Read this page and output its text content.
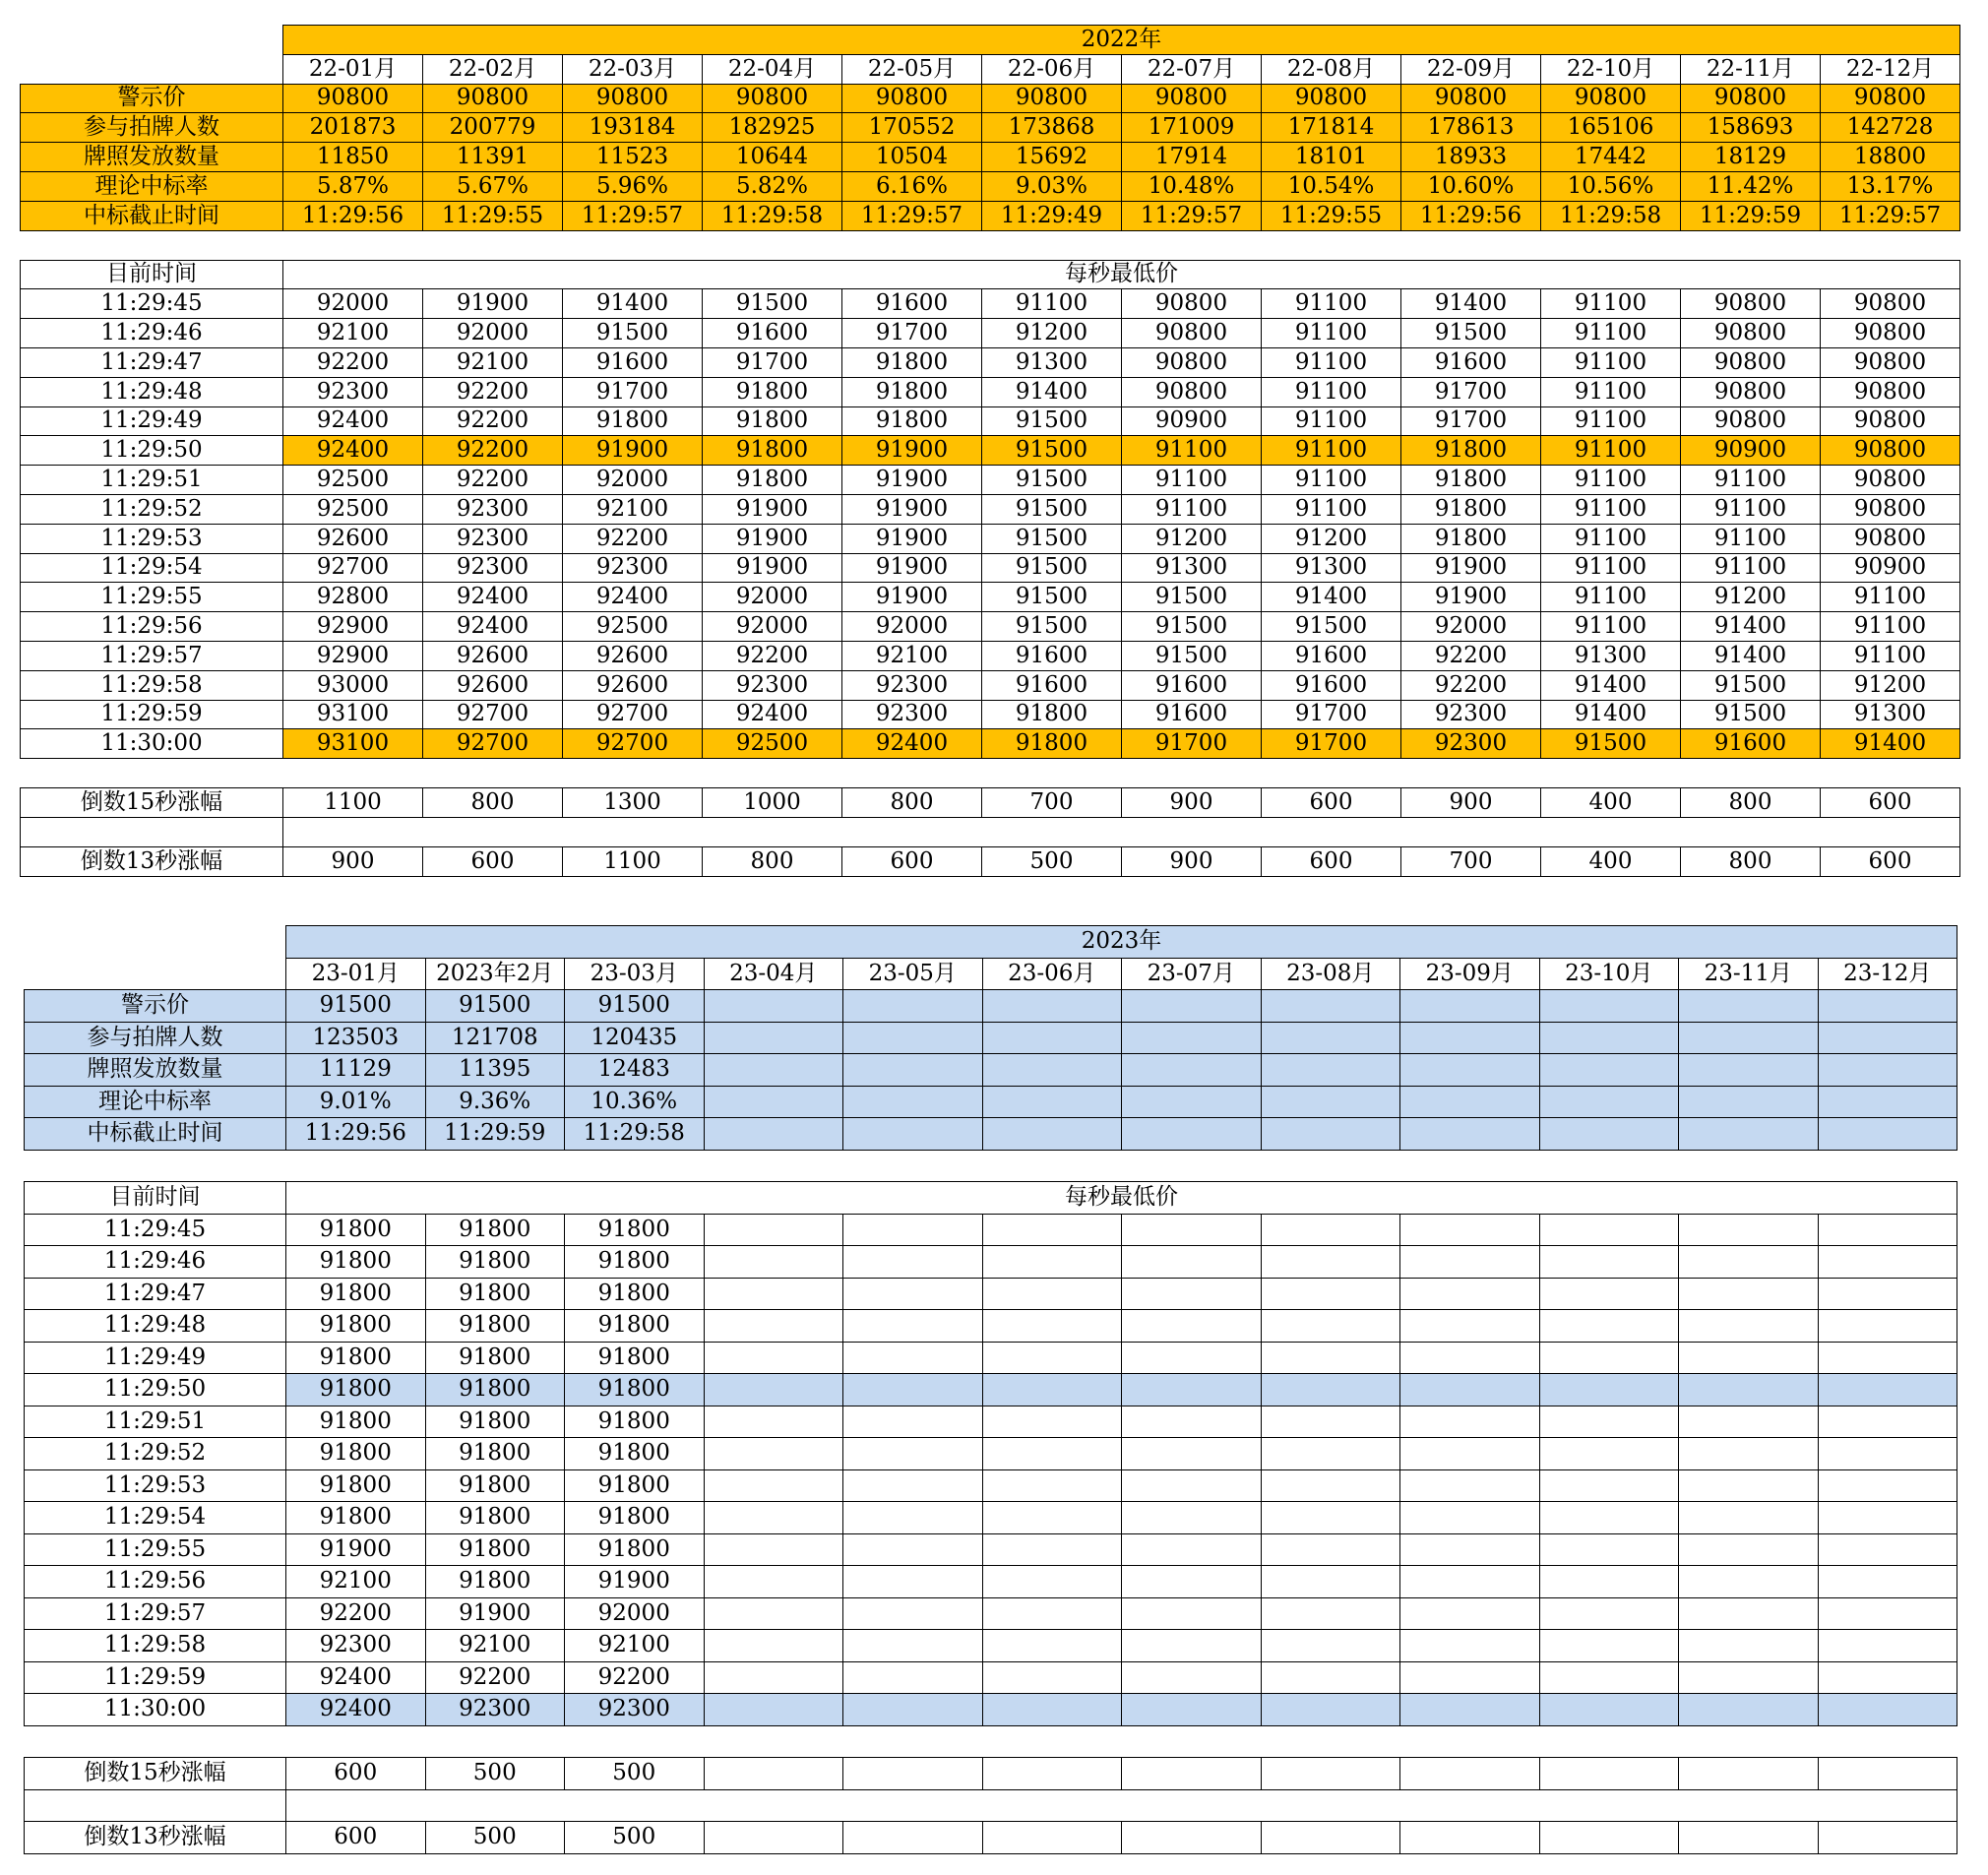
	2022年											
	22-01月	22-02月	22-03月	22-04月	22-05月	22-06月	22-07月	22-08月	22-09月	22-10月	22-11月	22-12月
警示价	90800	90800	90800	90800	90800	90800	90800	90800	90800	90800	90800	90800
参与拍牌人数	201873	200779	193184	182925	170552	173868	171009	171814	178613	165106	158693	142728
牌照发放数量	11850	11391	11523	10644	10504	15692	17914	18101	18933	17442	18129	18800
理论中标率	5.87%	5.67%	5.96%	5.82%	6.16%	9.03%	10.48%	10.54%	10.60%	10.56%	11.42%	13.17%
中标截止时间	11:29:56	11:29:55	11:29:57	11:29:58	11:29:57	11:29:49	11:29:57	11:29:55	11:29:56	11:29:58	11:29:59	11:29:57

目前时间	每秒最低价											
11:29:45	92000	91900	91400	91500	91600	91100	90800	91100	91400	91100	90800	90800
11:29:46	92100	92000	91500	91600	91700	91200	90800	91100	91500	91100	90800	90800
11:29:47	92200	92100	91600	91700	91800	91300	90800	91100	91600	91100	90800	90800
11:29:48	92300	92200	91700	91800	91800	91400	90800	91100	91700	91100	90800	90800
11:29:49	92400	92200	91800	91800	91800	91500	90900	91100	91700	91100	90800	90800
11:29:50	92400	92200	91900	91800	91900	91500	91100	91100	91800	91100	90900	90800
11:29:51	92500	92200	92000	91800	91900	91500	91100	91100	91800	91100	91100	90800
11:29:52	92500	92300	92100	91900	91900	91500	91100	91100	91800	91100	91100	90800
11:29:53	92600	92300	92200	91900	91900	91500	91200	91200	91800	91100	91100	90800
11:29:54	92700	92300	92300	91900	91900	91500	91300	91300	91900	91100	91100	90900
11:29:55	92800	92400	92400	92000	91900	91500	91500	91400	91900	91100	91200	91100
11:29:56	92900	92400	92500	92000	92000	91500	91500	91500	92000	91100	91400	91100
11:29:57	92900	92600	92600	92200	92100	91600	91500	91600	92200	91300	91400	91100
11:29:58	93000	92600	92600	92300	92300	91600	91600	91600	92200	91400	91500	91200
11:29:59	93100	92700	92700	92400	92300	91800	91600	91700	92300	91400	91500	91300
11:30:00	93100	92700	92700	92500	92400	91800	91700	91700	92300	91500	91600	91400

倒数15秒涨幅	1100	800	1300	1000	800	700	900	600	900	400	800	600

倒数13秒涨幅	900	600	1100	800	600	500	900	600	700	400	800	600
	2023年											
	23-01月	2023年2月	23-03月	23-04月	23-05月	23-06月	23-07月	23-08月	23-09月	23-10月	23-11月	23-12月
警示价	91500	91500	91500									
参与拍牌人数	123503	121708	120435									
牌照发放数量	11129	11395	12483									
理论中标率	9.01%	9.36%	10.36%									
中标截止时间	11:29:56	11:29:59	11:29:58									

目前时间	每秒最低价											
11:29:45	91800	91800	91800									
11:29:46	91800	91800	91800									
11:29:47	91800	91800	91800									
11:29:48	91800	91800	91800									
11:29:49	91800	91800	91800									
11:29:50	91800	91800	91800									
11:29:51	91800	91800	91800									
11:29:52	91800	91800	91800									
11:29:53	91800	91800	91800									
11:29:54	91800	91800	91800									
11:29:55	91900	91800	91800									
11:29:56	92100	91800	91900									
11:29:57	92200	91900	92000									
11:29:58	92300	92100	92100									
11:29:59	92400	92200	92200									
11:30:00	92400	92300	92300									

倒数15秒涨幅	600	500	500									

倒数13秒涨幅	600	500	500									
